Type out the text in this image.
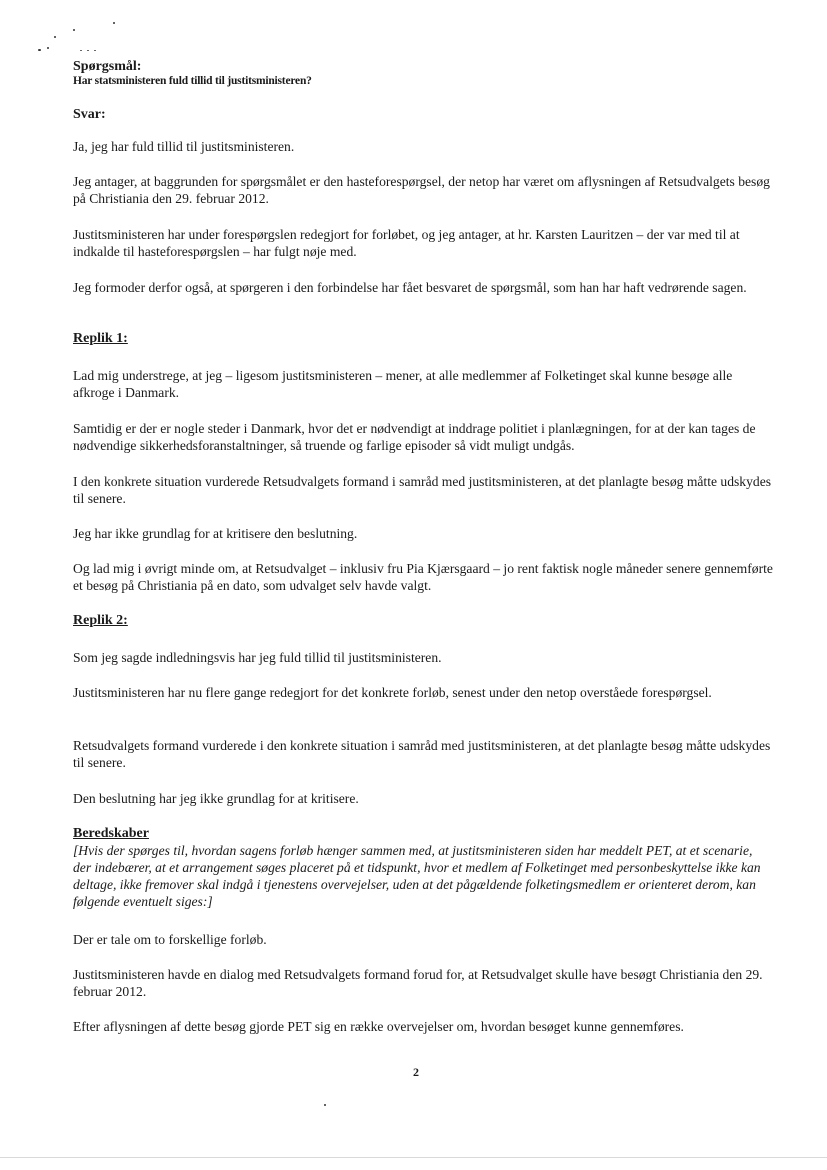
Spørgsmål:

Har statsministeren fuld tillid til justitsministeren?

Svar:

Ja, jeg har fuld tillid til justitsministeren.

Jeg antager, at baggrunden for spørgsmålet er den hasteforespørgsel, der netop har været om aflysningen af Retsudvalgets besøg på Christiania den 29. februar 2012.

Justitsministeren har under forespørgslen redegjort for forløbet, og jeg antager, at hr. Karsten Lauritzen – der var med til at indkalde til hasteforespørgslen – har fulgt nøje med.

Jeg formoder derfor også, at spørgeren i den forbindelse har fået besvaret de spørgsmål, som han har haft vedrørende sagen.

Replik 1:

Lad mig understrege, at jeg – ligesom justitsministeren – mener, at alle medlemmer af Folketinget skal kunne besøge alle afkroge i Danmark.

Samtidig er der er nogle steder i Danmark, hvor det er nødvendigt at inddrage politiet i planlægningen, for at der kan tages de nødvendige sikkerhedsforanstaltninger, så truende og farlige episoder så vidt muligt undgås.

I den konkrete situation vurderede Retsudvalgets formand i samråd med justitsministeren, at det planlagte besøg måtte udskydes til senere.

Jeg har ikke grundlag for at kritisere den beslutning.

Og lad mig i øvrigt minde om, at Retsudvalget – inklusiv fru Pia Kjærsgaard – jo rent faktisk nogle måneder senere gennemførte et besøg på Christiania på en dato, som udvalget selv havde valgt.

Replik 2:

Som jeg sagde indledningsvis har jeg fuld tillid til justitsministeren.

Justitsministeren har nu flere gange redegjort for det konkrete forløb, senest under den netop overståede forespørgsel.

Retsudvalgets formand vurderede i den konkrete situation i samråd med justitsministeren, at det planlagte besøg måtte udskydes til senere.

Den beslutning har jeg ikke grundlag for at kritisere.

Beredskaber

[Hvis der spørges til, hvordan sagens forløb hænger sammen med, at justitsministeren siden har meddelt PET, at et scenarie, der indebærer, at et arrangement søges placeret på et tidspunkt, hvor et medlem af Folketinget med personbeskyttelse ikke kan deltage, ikke fremover skal indgå i tjenestens overvejelser, uden at det pågældende folketingsmedlem er orienteret derom, kan følgende eventuelt siges:]

Der er tale om to forskellige forløb.

Justitsministeren havde en dialog med Retsudvalgets formand forud for, at Retsudvalget skulle have besøgt Christiania den 29. februar 2012.

Efter aflysningen af dette besøg gjorde PET sig en række overvejelser om, hvordan besøget kunne gennemføres.

2
